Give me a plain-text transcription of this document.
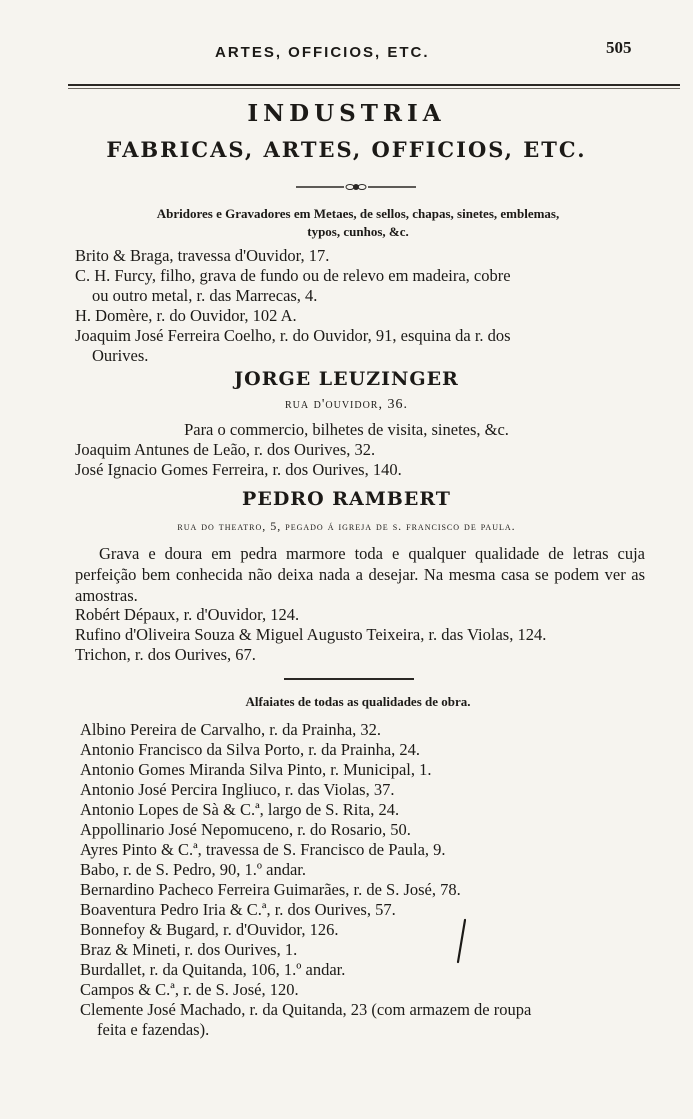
ARTES, OFFICIOS, ETC.	505
INDUSTRIA
FABRICAS, ARTES, OFFICIOS, ETC.
Abridores e Gravadores em Metaes, de sellos, chapas, sinetes, emblemas,
typos, cunhos, &c.
Brito & Braga, travessa d'Ouvidor, 17.
C. H. Furcy, filho, grava de fundo ou de relevo em madeira, cobre
ou outro metal, r. das Marrecas, 4.
H. Domère, r. do Ouvidor, 102 A.
Joaquim José Ferreira Coelho, r. do Ouvidor, 91, esquina da r. dos
Ourives.
JORGE LEUZINGER
rua d'ouvidor, 36.
Para o commercio, bilhetes de visita, sinetes, &c.
Joaquim Antunes de Leão, r. dos Ourives, 32.
José Ignacio Gomes Ferreira, r. dos Ourives, 140.
PEDRO RAMBERT
rua do theatro, 5, pegado á igreja de s. francisco de paula.
Grava e doura em pedra marmore toda e qualquer qualidade de letras cuja perfeição bem conhecida não deixa nada a desejar. Na mesma casa se podem ver as amostras.
Robért Dépaux, r. d'Ouvidor, 124.
Rufino d'Oliveira Souza & Miguel Augusto Teixeira, r. das Violas, 124.
Trichon, r. dos Ourives, 67.
Alfaiates de todas as qualidades de obra.
Albino Pereira de Carvalho, r. da Prainha, 32.
Antonio Francisco da Silva Porto, r. da Prainha, 24.
Antonio Gomes Miranda Silva Pinto, r. Municipal, 1.
Antonio José Percira Ingliuco, r. das Violas, 37.
Antonio Lopes de Sà & C.ª, largo de S. Rita, 24.
Appollinario José Nepomuceno, r. do Rosario, 50.
Ayres Pinto & C.ª, travessa de S. Francisco de Paula, 9.
Babo, r. de S. Pedro, 90, 1.º andar.
Bernardino Pacheco Ferreira Guimarães, r. de S. José, 78.
Boaventura Pedro Iria & C.ª, r. dos Ourives, 57.
Bonnefoy & Bugard, r. d'Ouvidor, 126.
Braz & Mineti, r. dos Ourives, 1.
Burdallet, r. da Quitanda, 106, 1.º andar.
Campos & C.ª, r. de S. José, 120.
Clemente José Machado, r. da Quitanda, 23 (com armazem de roupa
feita e fazendas).
